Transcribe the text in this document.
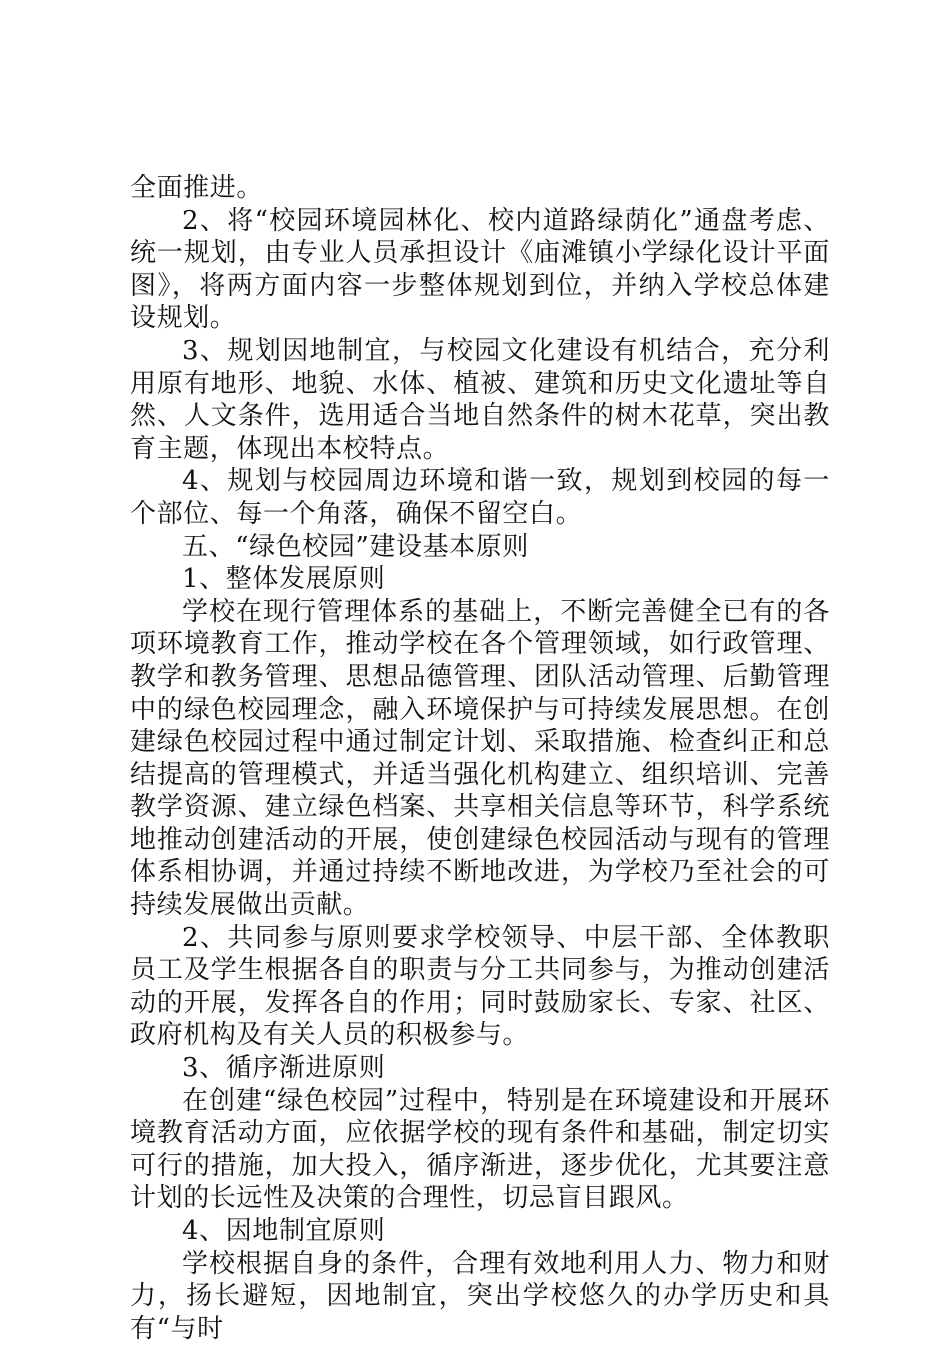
全面推进。

2、将“校园环境园林化、校内道路绿荫化”通盘考虑、统一规划，由专业人员承担设计《庙滩镇小学绿化设计平面图》，将两方面内容一步整体规划到位，并纳入学校总体建设规划。

3、规划因地制宜，与校园文化建设有机结合，充分利用原有地形、地貌、水体、植被、建筑和历史文化遗址等自然、人文条件，选用适合当地自然条件的树木花草，突出教育主题，体现出本校特点。

4、规划与校园周边环境和谐一致，规划到校园的每一个部位、每一个角落，确保不留空白。

五、“绿色校园”建设基本原则

1、整体发展原则

学校在现行管理体系的基础上，不断完善健全已有的各项环境教育工作，推动学校在各个管理领域，如行政管理、教学和教务管理、思想品德管理、团队活动管理、后勤管理中的绿色校园理念，融入环境保护与可持续发展思想。在创建绿色校园过程中通过制定计划、采取措施、检查纠正和总结提高的管理模式，并适当强化机构建立、组织培训、完善教学资源、建立绿色档案、共享相关信息等环节，科学系统地推动创建活动的开展，使创建绿色校园活动与现有的管理体系相协调，并通过持续不断地改进，为学校乃至社会的可持续发展做出贡献。

2、共同参与原则要求学校领导、中层干部、全体教职员工及学生根据各自的职责与分工共同参与，为推动创建活动的开展，发挥各自的作用；同时鼓励家长、专家、社区、政府机构及有关人员的积极参与。

3、循序渐进原则

在创建“绿色校园”过程中，特别是在环境建设和开展环境教育活动方面，应依据学校的现有条件和基础，制定切实可行的措施，加大投入，循序渐进，逐步优化，尤其要注意计划的长远性及决策的合理性，切忌盲目跟风。

4、因地制宜原则

学校根据自身的条件，合理有效地利用人力、物力和财力，扬长避短，因地制宜，突出学校悠久的办学历史和具有“与时
